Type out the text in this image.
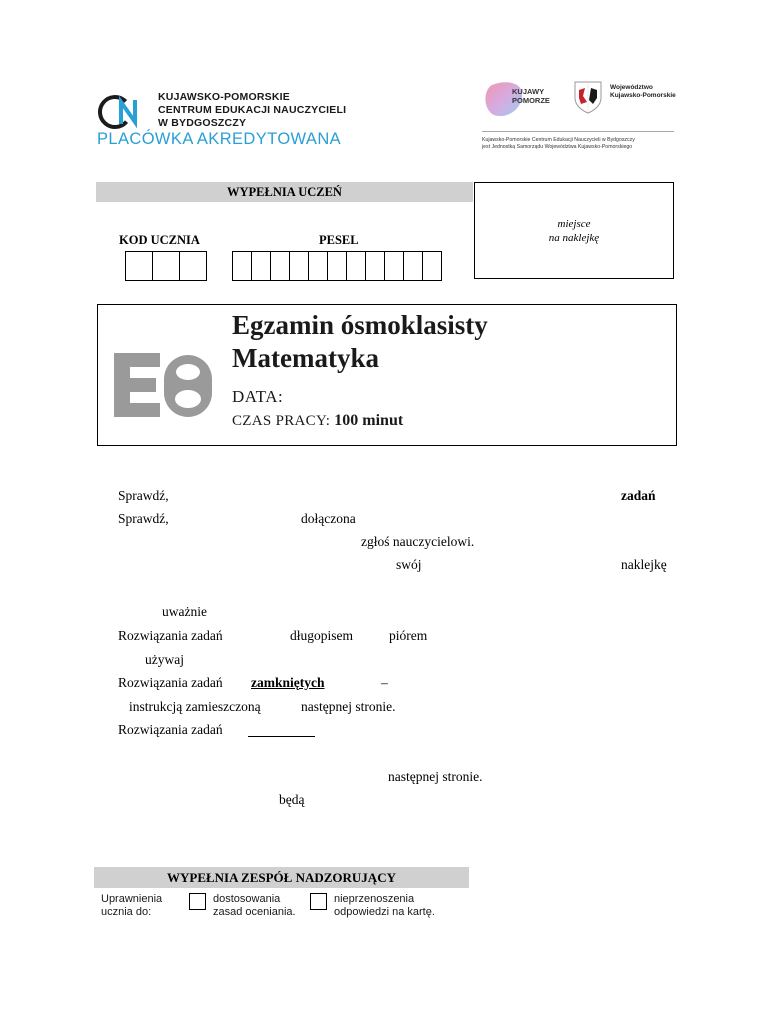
KUJAWSKO-POMORSKIE
CENTRUM EDUKACJI NAUCZYCIELI
W BYDGOSZCZY
PLACÓWKA AKREDYTOWANA
KUJAWY
POMORZE
Województwo
Kujawsko-Pomorskie
Kujawsko-Pomorskie Centrum Edukacji Nauczycieli w Bydgoszczy
jest Jednostką Samorządu Województwa Kujawsko-Pomorskiego
WYPEŁNIA UCZEŃ
miejsce
na naklejkę
KOD UCZNIA	PESEL
Egzamin ósmoklasisty
Matematyka
DATA:
CZAS PRACY: 100 minut
Sprawdź,	zadań
Sprawdź,	dołączona
zgłoś nauczycielowi.
swój	naklejkę
uważnie
Rozwiązania zadań	długopisem	piórem
używaj
Rozwiązania zadań zamkniętych	–
instrukcją zamieszczoną	następnej stronie.
Rozwiązania zadań
następnej stronie.
będą
WYPEŁNIA ZESPÓŁ NADZORUJĄCY
Uprawnienia
ucznia do:
dostosowania
zasad oceniania.
nieprzenoszenia
odpowiedzi na kartę.
